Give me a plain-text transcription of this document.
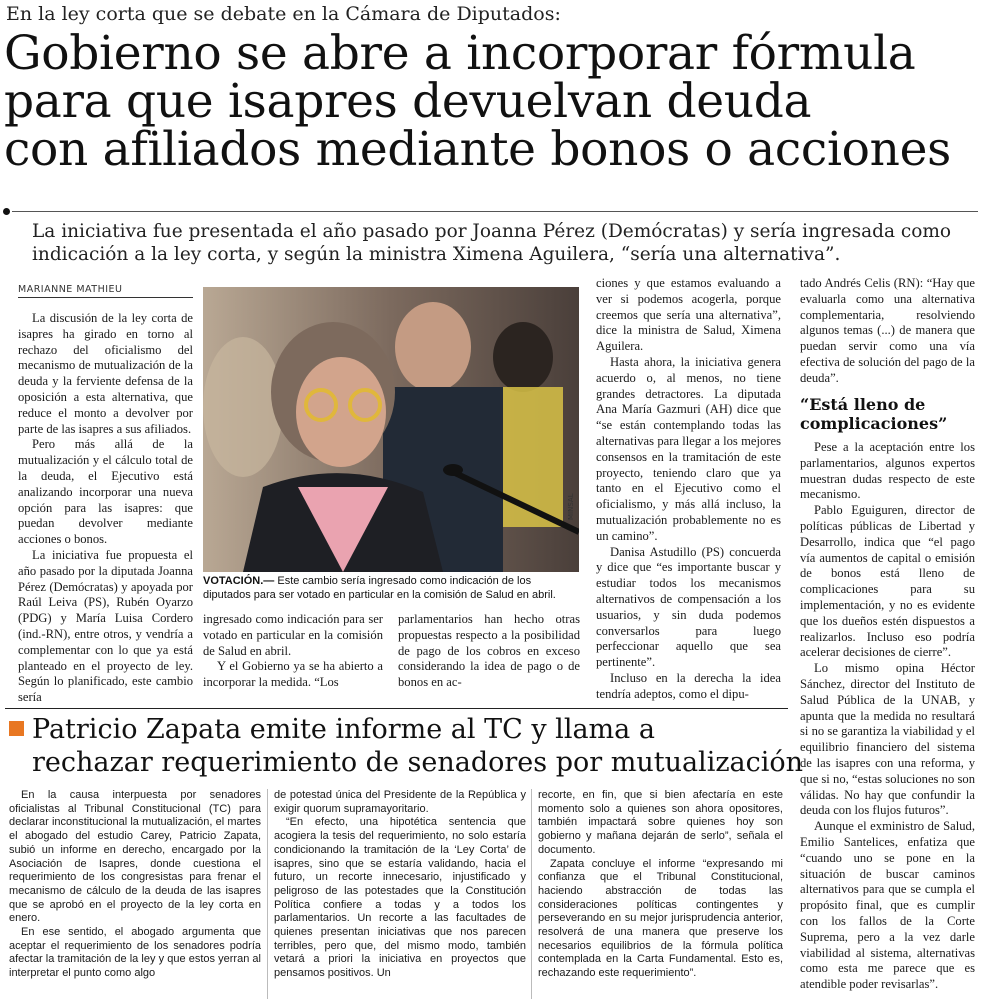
En la ley corta que se debate en la Cámara de Diputados:
Gobierno se abre a incorporar fórmula
para que isapres devuelvan deuda
con afiliados mediante bonos o acciones
La iniciativa fue presentada el año pasado por Joanna Pérez (Demócratas) y sería ingresada como
indicación a la ley corta, y según la ministra Ximena Aguilera, “sería una alternativa”.
MARIANNE MATHIEU

La discusión de la ley corta de isapres ha girado en torno al rechazo del oficialismo del mecanismo de mutualización de la deuda y la ferviente defensa de la oposición a esta alternativa, que reduce el monto a devolver por parte de las isapres a sus afiliados.

Pero más allá de la mutualización y el cálculo total de la deuda, el Ejecutivo está analizando incorporar una nueva opción para las isapres: que puedan devolver mediante acciones o bonos.

La iniciativa fue propuesta el año pasado por la diputada Joanna Pérez (Demócratas) y apoyada por Raúl Leiva (PS), Rubén Oyarzo (PDG) y María Luisa Cordero (ind.-RN), entre otros, y vendría a complementar con lo que ya está planteado en el proyecto de ley. Según lo planificado, este cambio sería

MINSAL
VOTACIÓN.— Este cambio sería ingresado como indicación de los diputados para ser votado en particular en la comisión de Salud en abril.

ingresado como indicación para ser votado en particular en la comisión de Salud en abril.

Y el Gobierno ya se ha abierto a incorporar la medida. “Los

parlamentarios han hecho otras propuestas respecto a la posibilidad de pago de los cobros en exceso considerando la idea de pago o de bonos en ac-

ciones y que estamos evaluando a ver si podemos acogerla, porque creemos que sería una alternativa”, dice la ministra de Salud, Ximena Aguilera.

Hasta ahora, la iniciativa genera acuerdo o, al menos, no tiene grandes detractores. La diputada Ana María Gazmuri (AH) dice que “se están contemplando todas las alternativas para llegar a los mejores consensos en la tramitación de este proyecto, teniendo claro que ya tanto en el Ejecutivo como el oficialismo, y más allá incluso, la mutualización probablemente no es un camino”.

Danisa Astudillo (PS) concuerda y dice que “es importante buscar y estudiar todos los mecanismos alternativos de compensación a los usuarios, y sin duda podemos conversarlos para luego perfeccionar aquello que sea pertinente”.

Incluso en la derecha la idea tendría adeptos, como el dipu-

tado Andrés Celis (RN): “Hay que evaluarla como una alternativa complementaria, resolviendo algunos temas (...) de manera que puedan servir como una vía efectiva de solución del pago de la deuda”.

“Está lleno de complicaciones”

Pese a la aceptación entre los parlamentarios, algunos expertos muestran dudas respecto de este mecanismo.

Pablo Eguiguren, director de políticas públicas de Libertad y Desarrollo, indica que “el pago vía aumentos de capital o emisión de bonos está lleno de complicaciones para su implementación, y no es evidente que los dueños estén dispuestos a realizarlos. Incluso eso podría acelerar decisiones de cierre”.

Lo mismo opina Héctor Sánchez, director del Instituto de Salud Pública de la UNAB, y apunta que la medida no resultará si no se garantiza la viabilidad y el equilibrio financiero del sistema de las isapres con una reforma, y que si no, “estas soluciones no son válidas. No hay que confundir la deuda con los flujos futuros”.

Aunque el exministro de Salud, Emilio Santelices, enfatiza que “cuando uno se pone en la situación de buscar caminos alternativos para que se cumpla el propósito final, que es cumplir con los fallos de la Corte Suprema, pero a la vez darle viabilidad al sistema, alternativas como esta me parece que es atendible poder revisarlas”.

Patricio Zapata emite informe al TC y llama a
rechazar requerimiento de senadores por mutualización

En la causa interpuesta por senadores oficialistas al Tribunal Constitucional (TC) para declarar inconstitucional la mutualización, el martes el abogado del estudio Carey, Patricio Zapata, subió un informe en derecho, encargado por la Asociación de Isapres, donde cuestiona el requerimiento de los congresistas para frenar el mecanismo de cálculo de la deuda de las isapres que se aprobó en el proyecto de la ley corta en enero.

En ese sentido, el abogado argumenta que aceptar el requerimiento de los senadores podría afectar la tramitación de la ley y que estos yerran al interpretar el punto como algo

de potestad única del Presidente de la República y exigir quorum supramayoritario.

“En efecto, una hipotética sentencia que acogiera la tesis del requerimiento, no solo estaría condicionando la tramitación de la ‘Ley Corta’ de isapres, sino que se estaría validando, hacia el futuro, un recorte innecesario, injustificado y peligroso de las potestades que la Constitución Política confiere a todas y a todos los parlamentarios. Un recorte a las facultades de quienes presentan iniciativas que nos parecen terribles, pero que, del mismo modo, también vetará a priori la iniciativa en proyectos que pensamos positivos. Un

recorte, en fin, que si bien afectaría en este momento solo a quienes son ahora opositores, también impactará sobre quienes hoy son gobierno y mañana dejarán de serlo”, señala el documento.

Zapata concluye el informe “expresando mi confianza que el Tribunal Constitucional, haciendo abstracción de todas las consideraciones políticas contingentes y perseverando en su mejor jurisprudencia anterior, resolverá de una manera que preserve los necesarios equilibrios de la fórmula política contemplada en la Carta Fundamental. Esto es, rechazando este requerimiento”.
